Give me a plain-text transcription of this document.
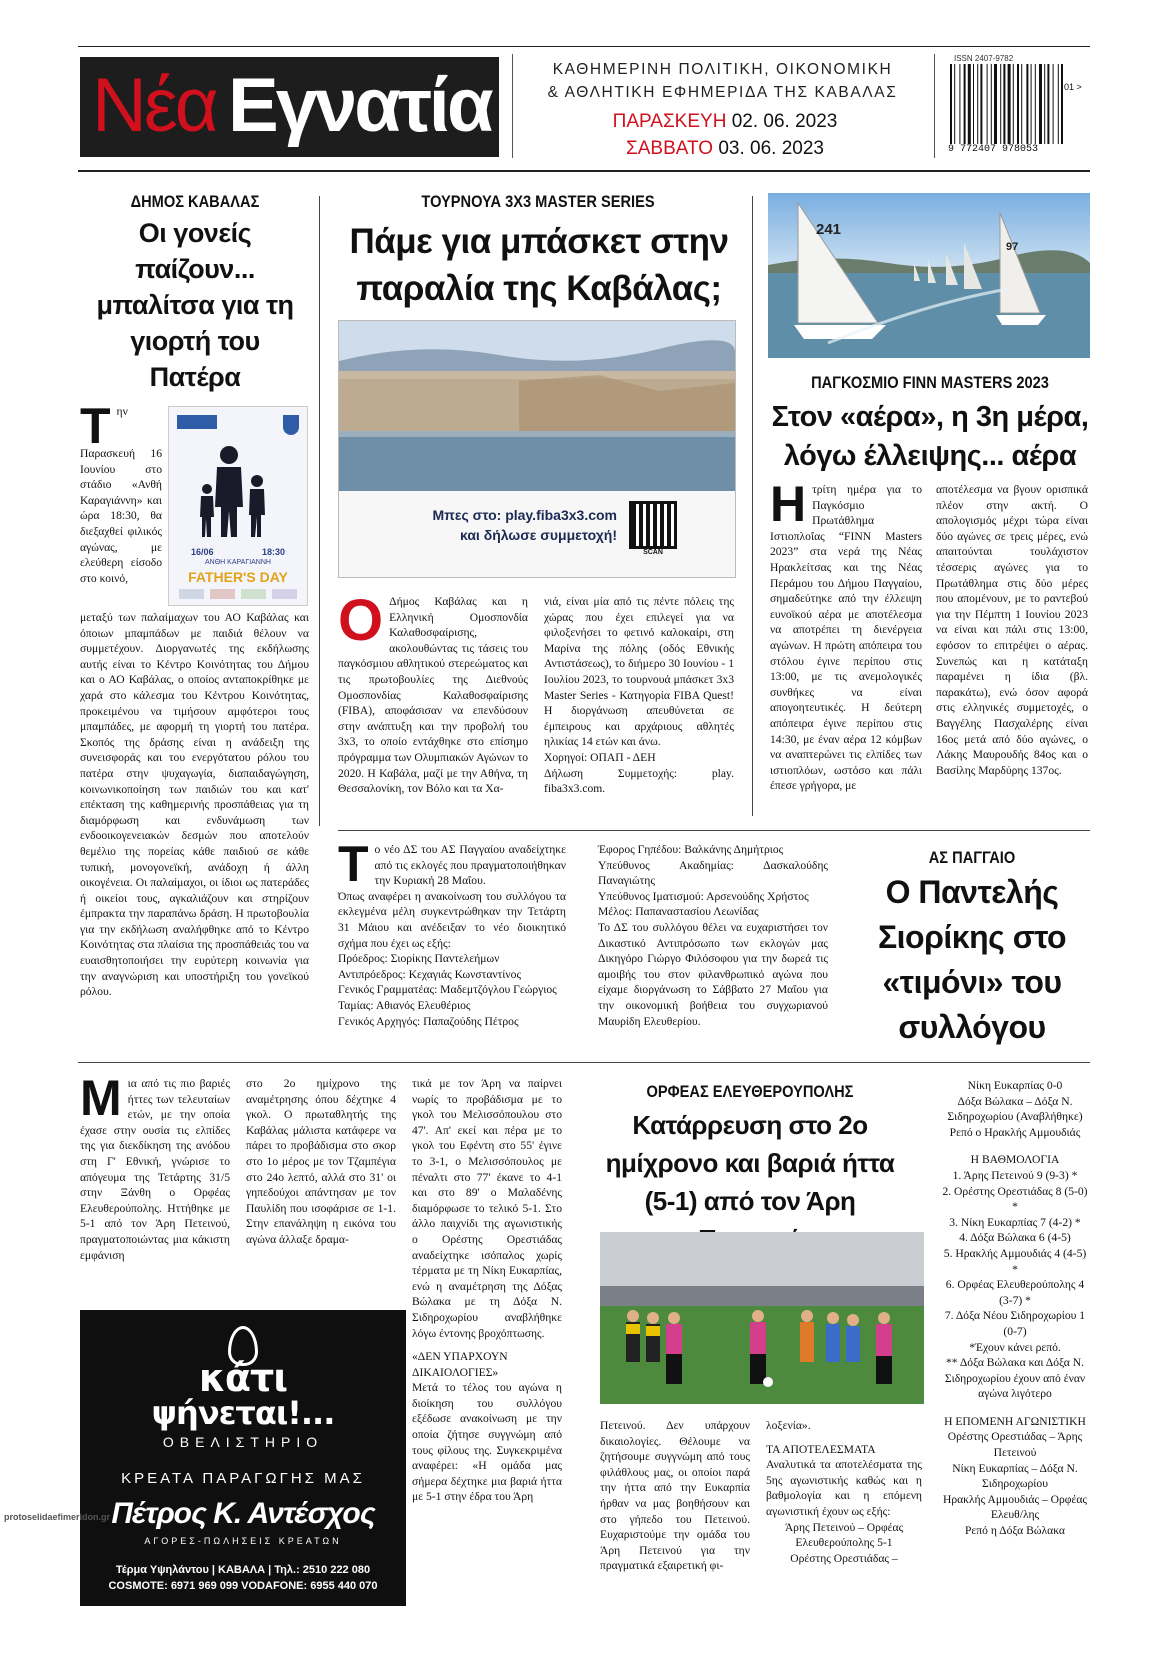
Νέα Εγνατία	ΚΑΘΗΜΕΡΙΝΗ ΠΟΛΙΤΙΚΗ, ΟΙΚΟΝΟΜΙΚΗ
& ΑΘΛΗΤΙΚΗ ΕΦΗΜΕΡΙΔΑ ΤΗΣ ΚΑΒΑΛΑΣ
ΠΑΡΑΣΚΕΥΗ 02. 06. 2023
ΣΑΒΒΑΤΟ 03. 06. 2023
ISSN 2407-9782
01 >
9 772407 978053
ΔΗΜΟΣ ΚΑΒΑΛΑΣ
Οι γονείς παίζουν... μπαλίτσα για τη γιορτή του Πατέρα
Την Παρασκευή 16 Ιουνίου στο στάδιο «Ανθή Καραγιάννη» και ώρα 18:30, θα διεξαχθεί φιλικός αγώνας, με ελεύθερη είσοδο στο κοινό,
16/06	18:30
ΑΝΘΗ ΚΑΡΑΓΙΑΝΝΗ
FATHER'S DAY
μεταξύ των παλαίμαχων του ΑΟ Καβάλας και όποιων μπαμπάδων με παιδιά θέλουν να συμμετέχουν. Διοργανωτές της εκδήλωσης αυτής είναι το Κέντρο Κοινότητας του Δήμου και ο ΑΟ Καβάλας, ο οποίος ανταποκρίθηκε με χαρά στο κάλεσμα του Κέντρου Κοινότητας, προκειμένου να τιμήσουν αμφότεροι τους μπαμπάδες, με αφορμή τη γιορτή του πατέρα. Σκοπός της δράσης είναι η ανάδειξη της συνεισφοράς και του ενεργότατου ρόλου του πατέρα στην ψυχαγωγία, διαπαιδαγώγηση, κοινωνικοποίηση των παιδιών του και κατ' επέκταση της καθημερινής προσπάθειας για τη διαμόρφωση και ενδυνάμωση των ενδοοικογενειακών δεσμών που αποτελούν θεμέλιο της πορείας κάθε παιδιού σε κάθε τυπική, μονογονεϊκή, ανάδοχη ή άλλη οικογένεια. Οι παλαίμαχοι, οι ίδιοι ως πατεράδες ή οικείοι τους, αγκαλιάζουν και στηρίζουν έμπρακτα την παραπάνω δράση. Η πρωτοβουλία για την εκδήλωση αναλήφθηκε από το Κέντρο Κοινότητας στα πλαίσια της προσπάθειάς του να ευαισθητοποιήσει την ευρύτερη κοινωνία για την αναγνώριση και υποστήριξη του γονεϊκού ρόλου.
ΤΟΥΡΝΟΥΑ 3Χ3 MASTER SERIES
Πάμε για μπάσκετ στην παραλία της Καβάλας;
Μπες στο: play.fiba3x3.com
και δήλωσε συμμετοχή!
SCAN
Ο Δήμος Καβάλας και η Ελληνική Ομοσπονδία Καλαθοσφαίρισης, ακολουθώντας τις τάσεις του παγκόσμιου αθλητικού στερεώματος και τις πρωτοβουλίες της Διεθνούς Ομοσπονδίας Καλαθοσφαίρισης (FIBA), αποφάσισαν να επενδύσουν στην ανάπτυξη και την προβολή του 3x3, το οποίο εντάχθηκε στο επίσημο πρόγραμμα των Ολυμπιακών Αγώνων το 2020. Η Καβάλα, μαζί με την Αθήνα, τη Θεσσαλονίκη, τον Βόλο και τα Χα-

νιά, είναι μία από τις πέντε πόλεις της χώρας που έχει επιλεγεί για να φιλοξενήσει το φετινό καλοκαίρι, στη Μαρίνα της πόλης (οδός Εθνικής Αντιστάσεως), το διήμερο 30 Ιουνίου - 1 Ιουλίου 2023, το τουρνουά μπάσκετ 3x3 Master Series - Κατηγορία FIBA Quest! Η διοργάνωση απευθύνεται σε έμπειρους και αρχάριους αθλητές ηλικίας 14 ετών και άνω.

Χορηγοί: ΟΠΑΠ - ΔΕΗ

Δήλωση Συμμετοχής: play. fiba3x3.com.

241
97
ΠΑΓΚΟΣΜΙΟ FINN MASTERS 2023
Στον «αέρα», η 3η μέρα, λόγω έλλειψης... αέρα
Ητρίτη ημέρα για το Παγκόσμιο Πρωτάθλημα Ιστιοπλοΐας “FINN Masters 2023” στα νερά της Νέας Ηρακλείτσας και της Νέας Περάμου του Δήμου Παγγαίου, σημαδεύτηκε από την έλλειψη ευνοϊκού αέρα με αποτέλεσμα να αποτρέπει τη διενέργεια αγώνων. Η πρώτη απόπειρα του στόλου έγινε περίπου στις 13:00, με τις ανεμολογικές συνθήκες να είναι απογοητευτικές. Η δεύτερη απόπειρα έγινε περίπου στις 14:30, με έναν αέρα 12 κόμβων να αναπτερώνει τις ελπίδες των ιστιοπλόων, ωστόσο και πάλι έπεσε γρήγορα, με
αποτέλεσμα να βγουν ορισπικά πλέον στην ακτή. Ο απολογισμός μέχρι τώρα είναι δύο αγώνες σε τρεις μέρες, ενώ απαιτούνται τουλάχιστον τέσσερις αγώνες για το Πρωτάθλημα στις δύο μέρες που απομένουν, με το ραντεβού για την Πέμπτη 1 Ιουνίου 2023 να είναι και πάλι στις 13:00, εφόσον το επιτρέψει ο αέρας. Συνεπώς και η κατάταξη παραμένει η ίδια (βλ. παρακάτω), ενώ όσον αφορά στις ελληνικές συμμετοχές, ο Βαγγέλης Πασχαλέρης είναι 16ος μετά από δύο αγώνες, ο Λάκης Μαυρουδής 84ος και ο Βασίλης Μαρδύρης 137ος.
Τ ο νέο ΔΣ του ΑΣ Παγγαίου αναδείχτηκε από τις εκλογές που πραγματοποιήθηκαν την Κυριακή 28 Μαΐου.

Όπως αναφέρει η ανακοίνωση του συλλόγου τα εκλεγμένα μέλη συγκεντρώθηκαν την Τετάρτη 31 Μάιου και ανέδειξαν το νέο διοικητικό σχήμα που έχει ως εξής:

Πρόεδρος: Σιορίκης Παντελεήμων

Αντιπρόεδρος: Κεχαγιάς Κωνσταντίνος

Γενικός Γραμματέας: Μαδεμτζόγλου Γεώργιος

Ταμίας: Αθιανός Ελευθέριος

Γενικός Αρχηγός: Παπαζούδης Πέτρος

Έφορος Γηπέδου: Βαλκάνης Δημήτριος

Υπεύθυνος Ακαδημίας: Δασκαλούδης Παναγιώτης

Υπεύθυνος Ιματισμού: Αρσενούδης Χρήστος

Μέλος: Παπαναστασίου Λεωνίδας

Το ΔΣ του συλλόγου θέλει να ευχαριστήσει τον Δικαστικό Αντιπρόσωπο των εκλογών μας Δικηγόρο Γιώργο Φιλόσοφου για την δωρεά τις αμοιβής του στον φιλανθρωπικό αγώνα που είχαμε διοργάνωση το Σάββατο 27 Μαΐου για την οικονομική βοήθεια του συγχωριανού Μαυρίδη Ελευθερίου.

ΑΣ ΠΑΓΓΑΙΟ
Ο Παντελής Σιορίκης στο «τιμόνι» του συλλόγου
Μια από τις πιο βαριές ήττες των τελευταίων ετών, με την οποία έχασε στην ουσία τις ελπίδες της για διεκδίκηση της ανόδου στη Γ' Εθνική, γνώρισε το απόγευμα της Τετάρτης 31/5 στην Ξάνθη ο Ορφέας Ελευθερούπολης. Ηττήθηκε με 5-1 από τον Άρη Πετεινού, πραγματοποιώντας μια κάκιστη εμφάνιση
στο 2ο ημίχρονο της αναμέτρησης όπου δέχτηκε 4 γκολ. Ο πρωταθλητής της Καβάλας μάλιστα κατάφερε να πάρει το προβάδισμα στο σκορ στο 1ο μέρος με τον Τζαμπέγια στο 24ο λεπτό, αλλά στο 31' οι γηπεδούχοι απάντησαν με τον Παυλίδη που ισοφάρισε σε 1-1. Στην επανάληψη η εικόνα του αγώνα άλλαξε δραμα-

τικά με τον Άρη να παίρνει νωρίς το προβάδισμα με το γκολ του Μελισσόπουλου στο 47'. Απ' εκεί και πέρα με το γκολ του Εφέντη στο 55' έγινε το 3-1, ο Μελισσόπουλος με πέναλτι στο 77' έκανε το 4-1 και στο 89' ο Μαλαδένης διαμόρφωσε το τελικό 5-1. Στο άλλο παιχνίδι της αγωνιστικής ο Ορέστης Ορεστιάδας αναδείχτηκε ισόπαλος χωρίς τέρματα με τη Νίκη Ευκαρπίας, ενώ η αναμέτρηση της Δόξας Βώλακα με τη Δόξα Ν. Σιδηροχωρίου αναβλήθηκε λόγω έντονης βροχόπτωσης.

«ΔΕΝ ΥΠΑΡΧΟΥΝ ΔΙΚΑΙΟΛΟΓΙΕΣ»

Μετά το τέλος του αγώνα η διοίκηση του συλλόγου εξέδωσε ανακοίνωση με την οποία ζήτησε συγγνώμη από τους φίλους της. Συγκεκριμένα αναφέρει: «Η ομάδα μας σήμερα δέχτηκε μια βαριά ήττα με 5-1 στην έδρα του Άρη

ΟΡΦΕΑΣ ΕΛΕΥΘΕΡΟΥΠΟΛΗΣ
Κατάρρευση στο 2ο ημίχρονο και βαριά ήττα (5-1) από τον Άρη
Πετεινού. Δεν υπάρχουν δικαιολογίες. Θέλουμε να ζητήσουμε συγγνώμη από τους φιλάθλους μας, οι οποίοι παρά την ήττα από την Ευκαρπία ήρθαν να μας βοηθήσουν και στο γήπεδο του Πετεινού. Ευχαριστούμε την ομάδα του Άρη Πετεινού για την πραγματικά εξαιρετική φι-

λοξενία».

ΤΑ ΑΠΟΤΕΛΕΣΜΑΤΑ

Αναλυτικά τα αποτελέσματα της 5ης αγωνιστικής καθώς και η βαθμολογία και η επόμενη αγωνιστική έχουν ως εξής:

Άρης Πετεινού – Ορφέας Ελευθερούπολης 5-1

Ορέστης Ορεστιάδας –

Νίκη Ευκαρπίας 0-0

Δόξα Βώλακα – Δόξα Ν. Σιδηροχωρίου (Αναβλήθηκε)

Ρεπό ο Ηρακλής Αμμουδιάς

Η ΒΑΘΜΟΛΟΓΙΑ

1. Άρης Πετεινού 9 (9-3) *

2. Ορέστης Ορεστιάδας 8 (5-0) *

3. Νίκη Ευκαρπίας 7 (4-2) *

4. Δόξα Βώλακα 6 (4-5)

5. Ηρακλής Αμμουδιάς 4 (4-5) *

6. Ορφέας Ελευθερούπολης 4 (3-7) *

7. Δόξα Νέου Σιδηροχωρίου 1 (0-7)

*Έχουν κάνει ρεπό.

** Δόξα Βώλακα και Δόξα Ν. Σιδηροχωρίου έχουν από έναν αγώνα λιγότερο

Η ΕΠΟΜΕΝΗ ΑΓΩΝΙΣΤΙΚΗ

Ορέστης Ορεστιάδας – Άρης Πετεινού

Νίκη Ευκαρπίας – Δόξα Ν. Σιδηροχωρίου

Ηρακλής Αμμουδιάς – Ορφέας Ελευθ/λης

Ρεπό η Δόξα Βώλακα

κάτι
ψήνεται!...
ΟΒΕΛΙΣΤΗΡΙΟ
ΚΡΕΑΤΑ ΠΑΡΑΓΩΓΗΣ ΜΑΣ
Πέτρος Κ. Αντέσχος
ΑΓΟΡΕΣ-ΠΩΛΗΣΕΙΣ ΚΡΕΑΤΩΝ
Τέρμα Υψηλάντου | ΚΑΒΑΛΑ | Τηλ.: 2510 222 080
COSMOTE: 6971 969 099 VODAFONE: 6955 440 070
protoselidaefimeridon.gr
